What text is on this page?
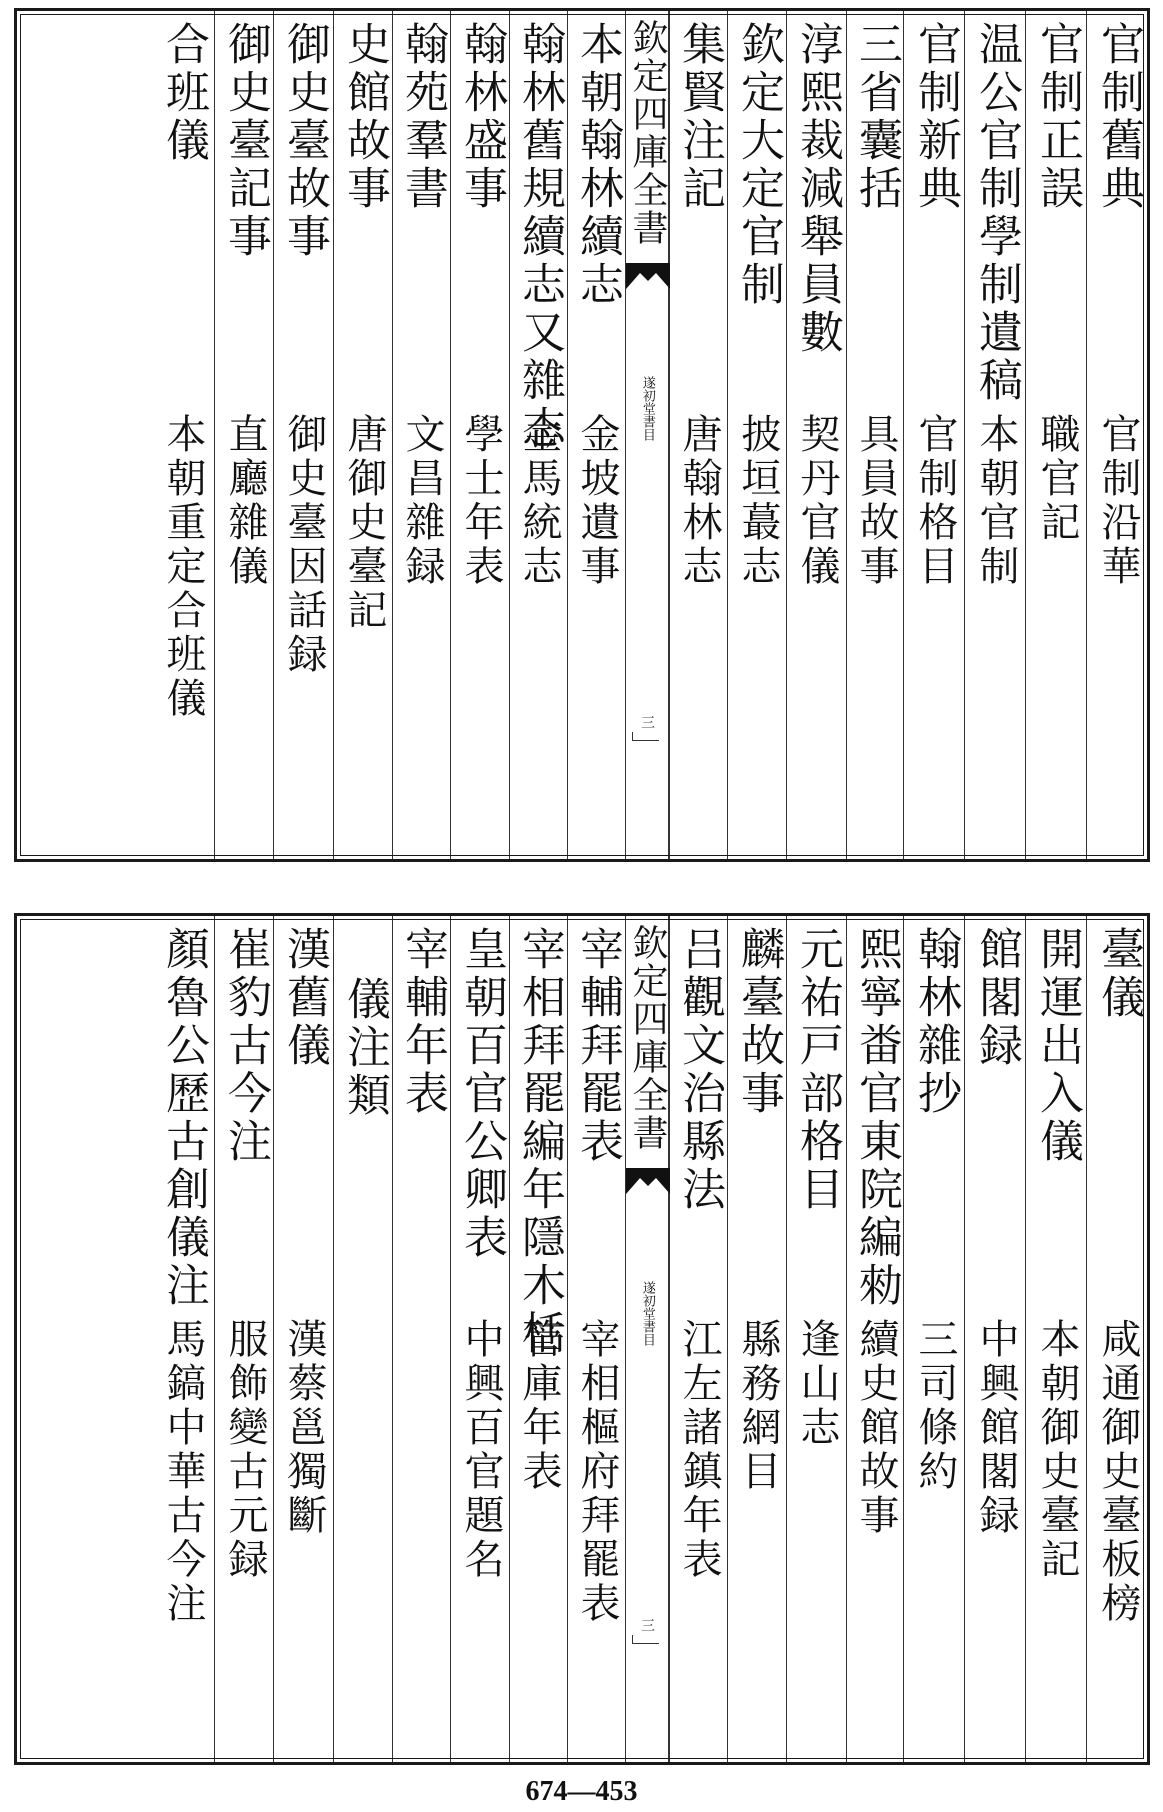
官制舊典
官制沿華
官制正誤
職官記
温公官制學制遺稿
本朝官制
官制新典
官制格目
三省囊括
具員故事
淳熙裁減舉員數
契丹官儀
欽定大定官制
披垣蕞志
集賢注記
唐翰林志
欽定四庫全書
遂初堂書目
三
本朝翰林續志
金坡遺事
翰林舊規續志又雜志
金馬統志
翰林盛事
學士年表
翰苑羣書
文昌雜録
史館故事
唐御史臺記
御史臺故事
御史臺因話録
御史臺記事
直廳雜儀
合班儀
本朝重定合班儀
臺儀
咸通御史臺板榜
開運出入儀
本朝御史臺記
館閣録
中興館閣録
翰林雜抄
三司條約
熙寧畨官東院編勑
續史館故事
元祐戸部格目
逢山志
麟臺故事
縣務網目
吕觀文治縣法
江左諸鎮年表
欽定四庫全書
遂初堂書目
三
宰輔拜罷表
宰相樞府拜罷表
宰相拜罷編年隱木栝
管庫年表
皇朝百官公卿表
中興百官題名
宰輔年表
儀注類
漢舊儀
漢蔡邕獨斷
崔豹古今注
服飾變古元録
顏魯公歷古創儀注
馬鎬中華古今注
674—453
